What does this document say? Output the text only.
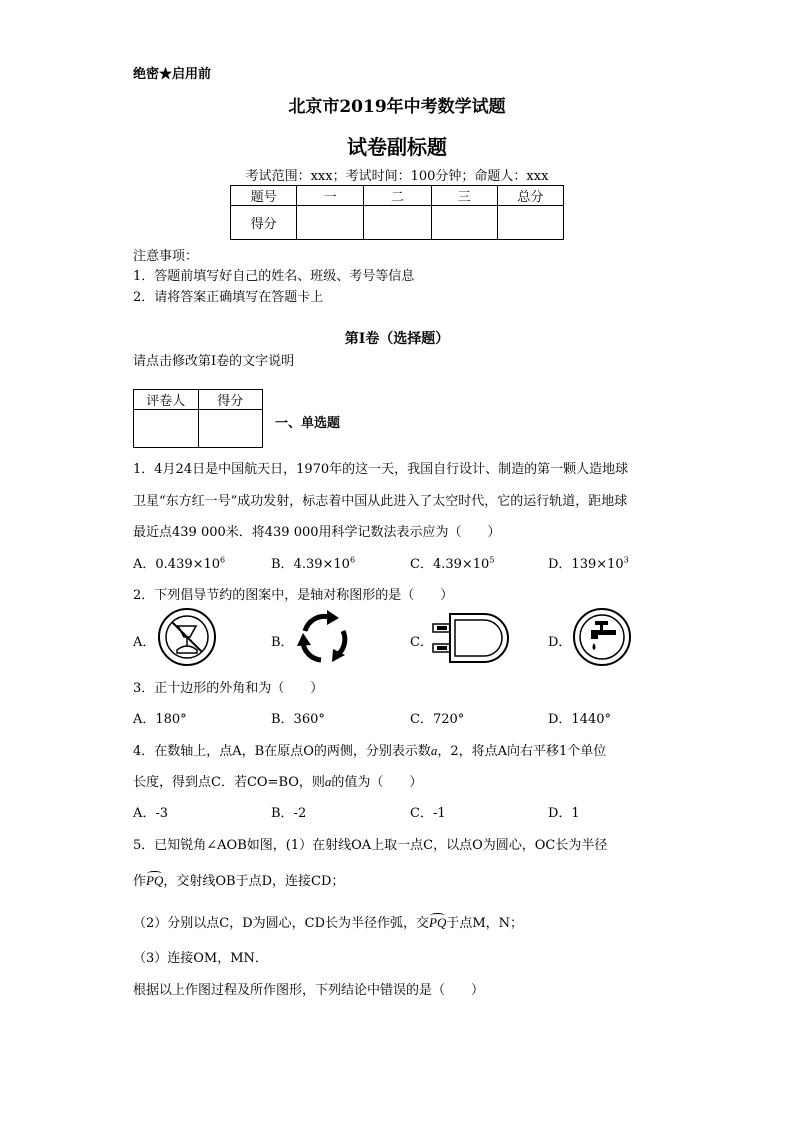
绝密★启用前
北京市2019年中考数学试题
试卷副标题
考试范围：xxx；考试时间：100分钟；命题人：xxx
题号	一	二	三	总分
得分				
注意事项：
1．答题前填写好自己的姓名、班级、考号等信息
2．请将答案正确填写在答题卡上
第I卷（选择题）
请点击修改第I卷的文字说明
评卷人	得分

一、单选题
1．4月24日是中国航天日，1970年的这一天，我国自行设计、制造的第一颗人造地球
卫星“东方红一号”成功发射，标志着中国从此进入了太空时代，它的运行轨道，距地球
最近点439 000米．将439 000用科学记数法表示应为（　　）
A．$0.439\times 10^6$	B．$4.39\times 10^6$	C．$4.39\times 10^5$	D．$139\times 10^3$
2．下列倡导节约的图案中，是轴对称图形的是（　　）
A．	B．	C．	D．
3．正十边形的外角和为（　　）
A．180°	B．360°	C．720°	D．1440°
4．在数轴上，点A，B在原点O的两侧，分别表示数a，2，将点A向右平移1个单位
长度，得到点C．若CO=BO，则a的值为（　　）
A．-3	B．-2	C．-1	D．1
5．已知锐角∠AOB如图，(1）在射线OA上取一点C，以点O为圆心，OC长为半径
作PQ，交射线OB于点D，连接CD；
（2）分别以点C，D为圆心，CD长为半径作弧，交PQ于点M，N；
（3）连接OM，MN．
根据以上作图过程及所作图形，下列结论中错误的是（　　）
